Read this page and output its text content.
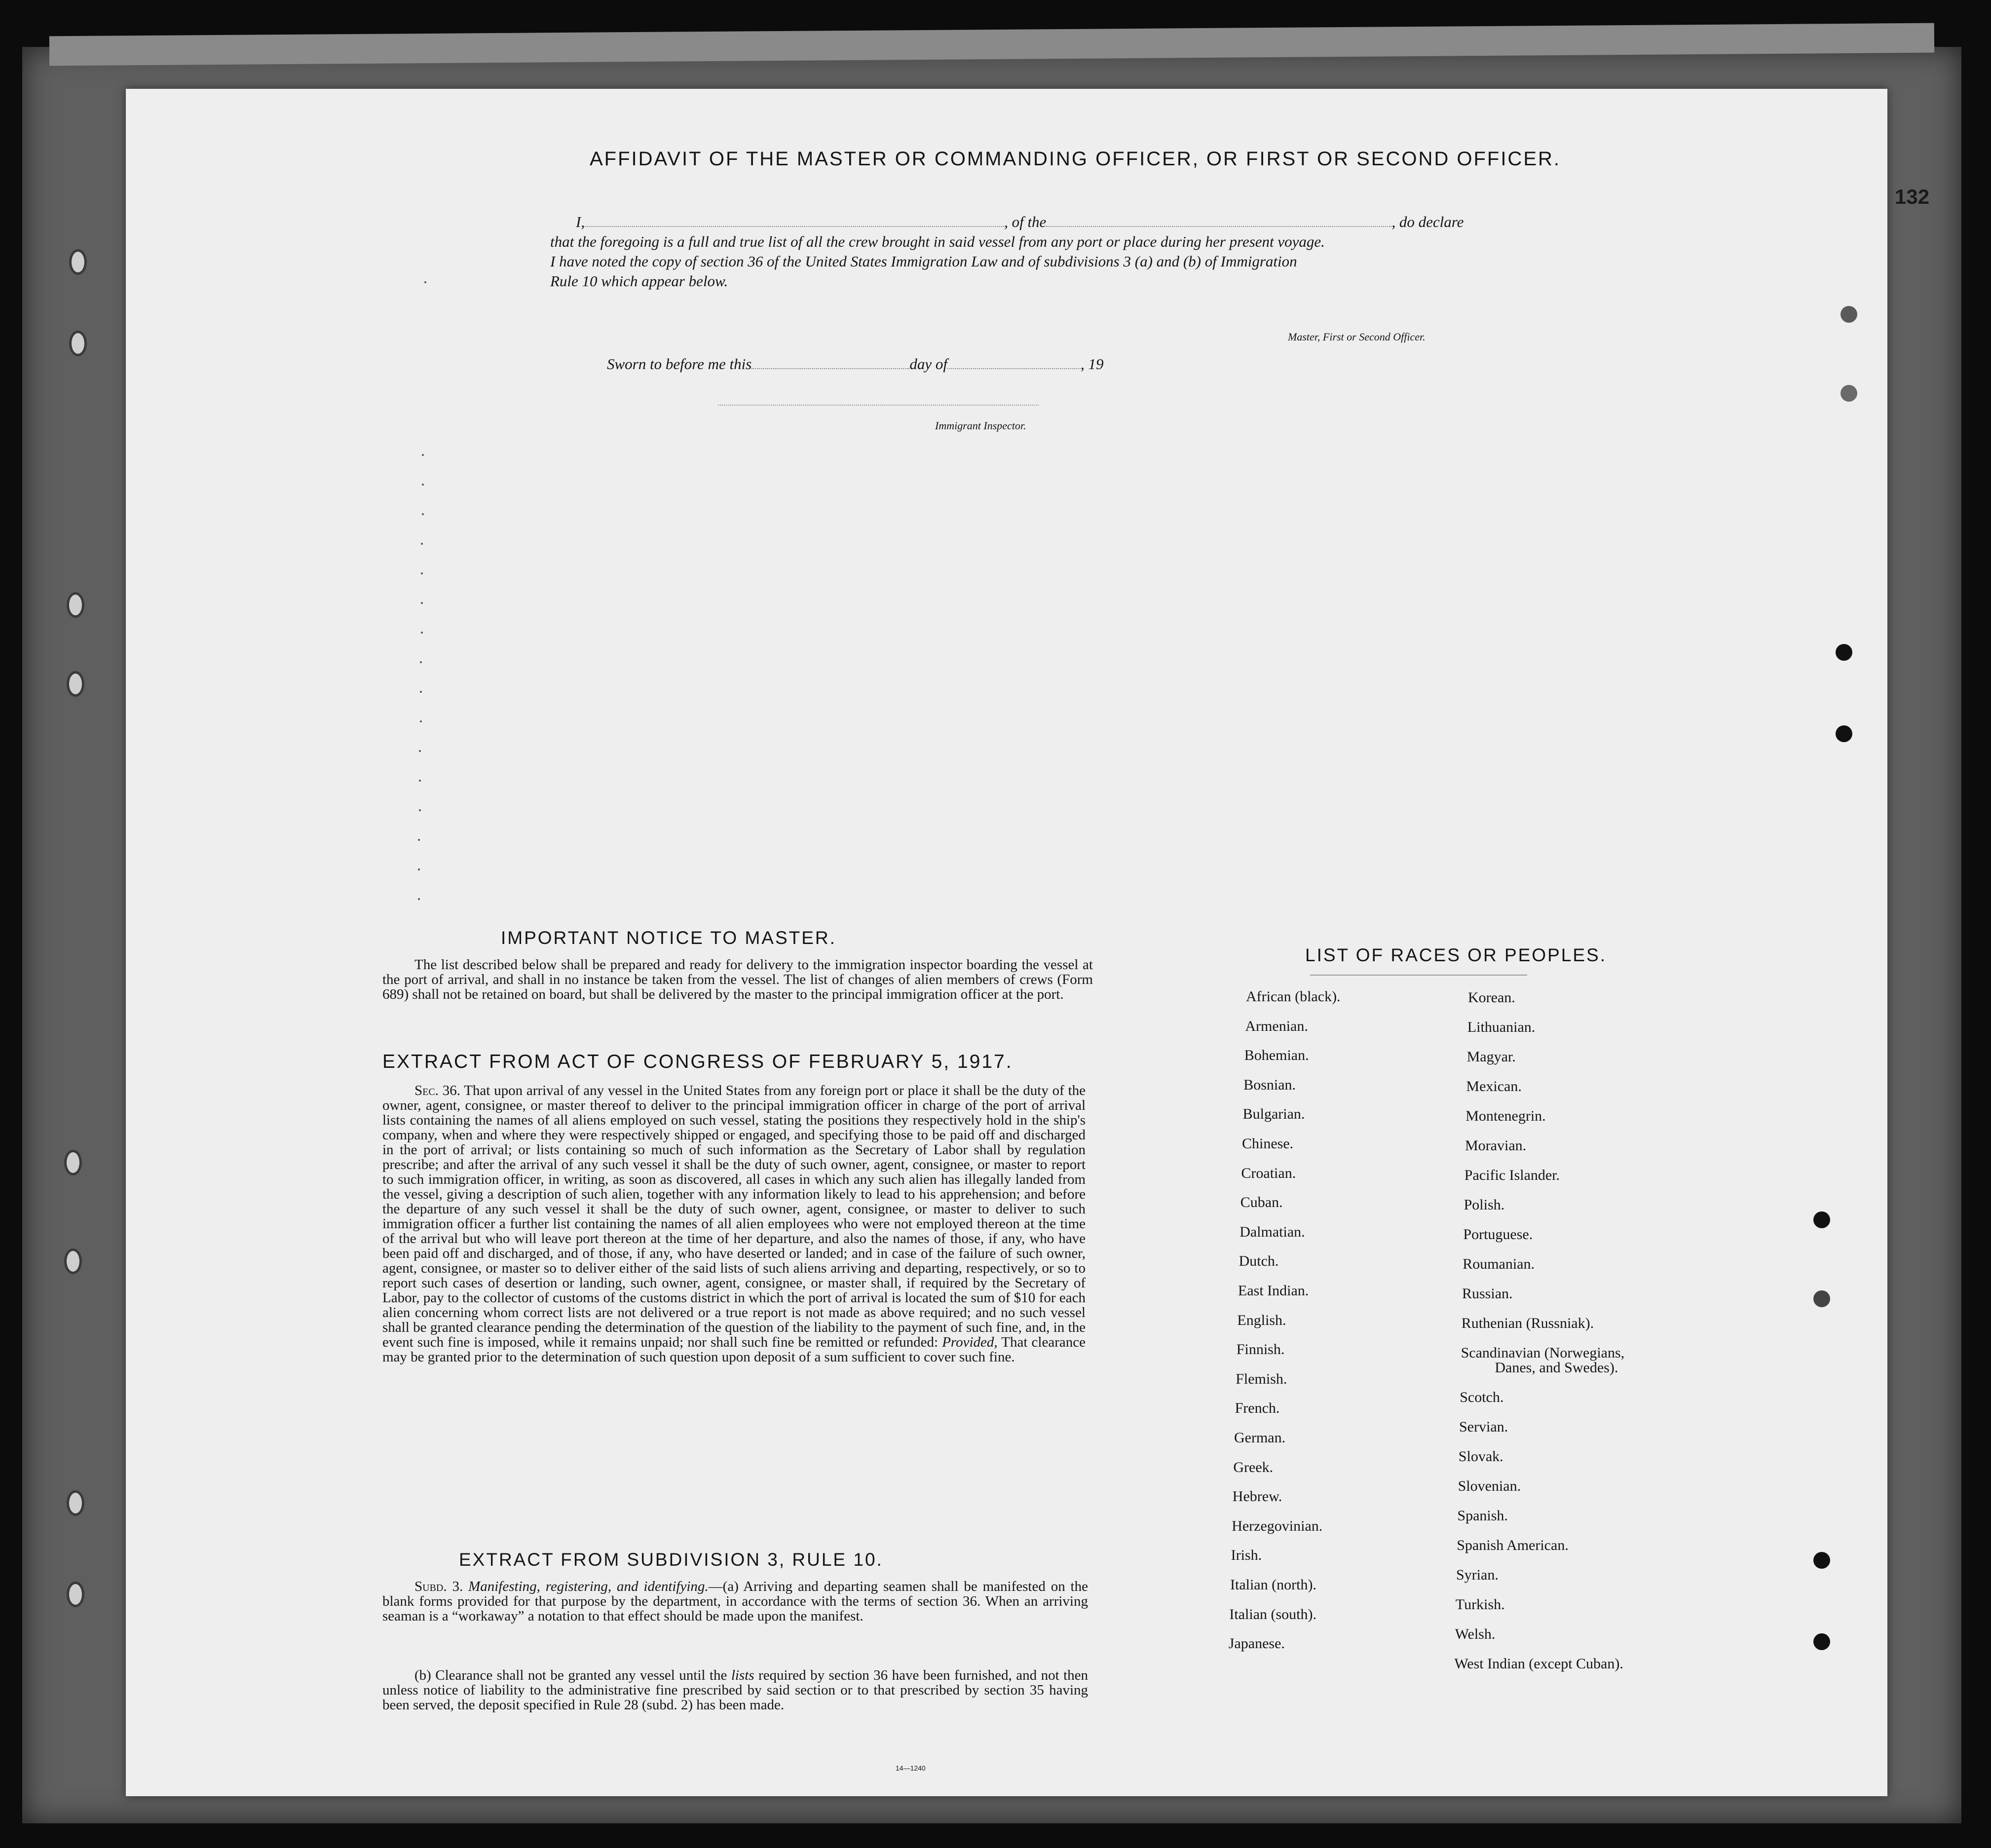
132
AFFIDAVIT OF THE MASTER OR COMMANDING OFFICER, OR FIRST OR SECOND OFFICER.
I,	, of the	, do declare
that the foregoing is a full and true list of all the crew brought in said vessel from any port or place during her present voyage.
I have noted the copy of section 36 of the United States Immigration Law and of subdivisions 3 (a) and (b) of Immigration
Rule 10 which appear below.
Master, First or Second Officer.
Sworn to before me this	day of	, 19
Immigrant Inspector.
IMPORTANT NOTICE TO MASTER.
The list described below shall be prepared and ready for delivery to the immigration inspector boarding the vessel at the port of arrival, and shall in no instance be taken from the vessel. The list of changes of alien members of crews (Form 689) shall not be retained on board, but shall be delivered by the master to the principal immigration officer at the port.
EXTRACT FROM ACT OF CONGRESS OF FEBRUARY 5, 1917.
Sec. 36. That upon arrival of any vessel in the United States from any foreign port or place it shall be the duty of the owner, agent, consignee, or master thereof to deliver to the principal immigration officer in charge of the port of arrival lists containing the names of all aliens employed on such vessel, stating the positions they respectively hold in the ship's company, when and where they were respectively shipped or engaged, and specifying those to be paid off and discharged in the port of arrival; or lists containing so much of such information as the Secretary of Labor shall by regulation prescribe; and after the arrival of any such vessel it shall be the duty of such owner, agent, consignee, or master to report to such immigration officer, in writing, as soon as discovered, all cases in which any such alien has illegally landed from the vessel, giving a description of such alien, together with any information likely to lead to his apprehension; and before the departure of any such vessel it shall be the duty of such owner, agent, consignee, or master to deliver to such immigration officer a further list containing the names of all alien employees who were not employed thereon at the time of the arrival but who will leave port thereon at the time of her departure, and also the names of those, if any, who have been paid off and discharged, and of those, if any, who have deserted or landed; and in case of the failure of such owner, agent, consignee, or master so to deliver either of the said lists of such aliens arriving and departing, respectively, or so to report such cases of desertion or landing, such owner, agent, consignee, or master shall, if required by the Secretary of Labor, pay to the collector of customs of the customs district in which the port of arrival is located the sum of $10 for each alien concerning whom correct lists are not delivered or a true report is not made as above required; and no such vessel shall be granted clearance pending the determination of the question of the liability to the payment of such fine, and, in the event such fine is imposed, while it remains unpaid; nor shall such fine be remitted or refunded: Provided, That clearance may be granted prior to the determination of such question upon deposit of a sum sufficient to cover such fine.
EXTRACT FROM SUBDIVISION 3, RULE 10.
Subd. 3. Manifesting, registering, and identifying.—(a) Arriving and departing seamen shall be manifested on the blank forms provided for that purpose by the department, in accordance with the terms of section 36. When an arriving seaman is a “workaway” a notation to that effect should be made upon the manifest.
(b) Clearance shall not be granted any vessel until the lists required by section 36 have been furnished, and not then unless notice of liability to the administrative fine prescribed by said section or to that prescribed by section 35 having been served, the deposit specified in Rule 28 (subd. 2) has been made.
14—1240
LIST OF RACES OR PEOPLES.
African (black).
Armenian.
Bohemian.
Bosnian.
Bulgarian.
Chinese.
Croatian.
Cuban.
Dalmatian.
Dutch.
East Indian.
English.
Finnish.
Flemish.
French.
German.
Greek.
Hebrew.
Herzegovinian.
Irish.
Italian (north).
Italian (south).
Japanese.
Korean.
Lithuanian.
Magyar.
Mexican.
Montenegrin.
Moravian.
Pacific Islander.
Polish.
Portuguese.
Roumanian.
Russian.
Ruthenian (Russniak).
Scandinavian (Norwegians,
Danes, and Swedes).
Scotch.
Servian.
Slovak.
Slovenian.
Spanish.
Spanish American.
Syrian.
Turkish.
Welsh.
West Indian (except Cuban).
